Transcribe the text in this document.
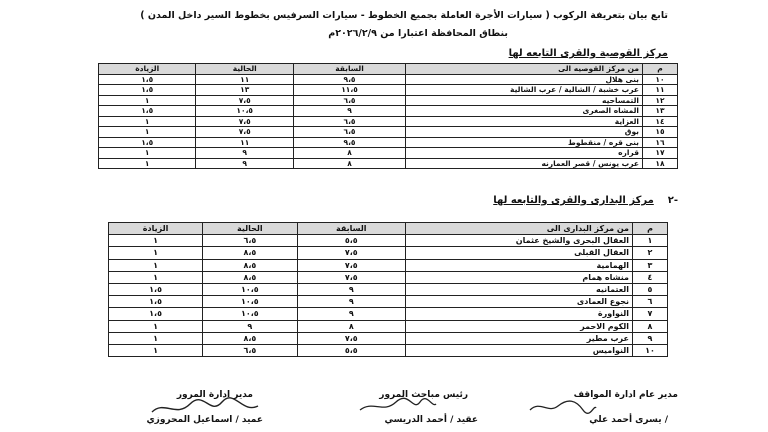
تابع بيان بتعريفة الركوب ( سيارات الأجرة العاملة بجميع الخطوط - سيارات السرفيس بخطوط السير داخل المدن )
بنطاق المحافظة اعتبارا من ٢٠٢٦/٢/٩م
مركز القوصية والقرى التابعه لها
م	من مركز القوصيه الى	السابقة	الحالية	الزيادة
١٠	بنى هلال	٩،٥	١١	١،٥
١١	عرب خشبة / الشالية / عرب الشالية	١١،٥	١٣	١،٥
١٢	التمساحيه	٦،٥	٧،٥	١
١٣	المشاه الصغرى	٩	١٠،٥	١،٥
١٤	العزاية	٦،٥	٧،٥	١
١٥	بوق	٦،٥	٧،٥	١
١٦	بنى قره / منقطوط	٩،٥	١١	١،٥
١٧	قراره	٨	٩	١
١٨	عرب يونس / قصر العمارنه	٨	٩	١
-٢    مركز البدارى والقرى والتابعه لها
م	من مركز البدارى الى	السابقة	الحالية	الزيادة
١	العقال البحرى والشيخ عثمان	٥،٥	٦،٥	١
٢	العقال القبلى	٧،٥	٨،٥	١
٣	الهمامية	٧،٥	٨،٥	١
٤	منشاه همام	٧،٥	٨،٥	١
٥	العتمانيه	٩	١٠،٥	١،٥
٦	نجوع العمادى	٩	١٠،٥	١،٥
٧	النواورة	٩	١٠،٥	١،٥
٨	الكوم الاحمر	٨	٩	١
٩	عرب مطير	٧،٥	٨،٥	١
١٠	النواميس	٥،٥	٦،٥	١
مدير عام ادارة المواقف
/ يسرى أحمد علي
رئيس مباحث المرور
عقيد / أحمد الدريسي
مدير ادارة المرور
عميد / اسماعيل المحروزي
